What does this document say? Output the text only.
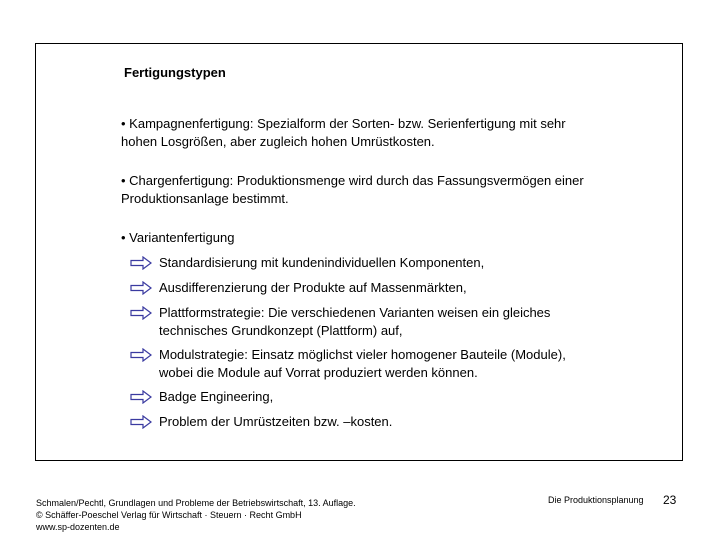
Fertigungstypen
• Kampagnenfertigung: Spezialform der Sorten- bzw. Serienfertigung mit sehr
hohen Losgrößen, aber zugleich hohen Umrüstkosten.
• Chargenfertigung: Produktionsmenge wird durch das Fassungsvermögen einer
Produktionsanlage bestimmt.
• Variantenfertigung
Standardisierung mit kundenindividuellen Komponenten,
Ausdifferenzierung der Produkte auf Massenmärkten,
Plattformstrategie: Die verschiedenen Varianten weisen ein gleiches
technisches Grundkonzept (Plattform) auf,
Modulstrategie: Einsatz möglichst vieler homogener Bauteile (Module),
wobei die Module auf Vorrat produziert werden können.
Badge Engineering,
Problem der Umrüstzeiten bzw. –kosten.
Schmalen/Pechtl, Grundlagen und Probleme der Betriebswirtschaft, 13. Auflage.
© Schäffer-Poeschel Verlag für Wirtschaft · Steuern · Recht GmbH
www.sp-dozenten.de
Die Produktionsplanung 23
